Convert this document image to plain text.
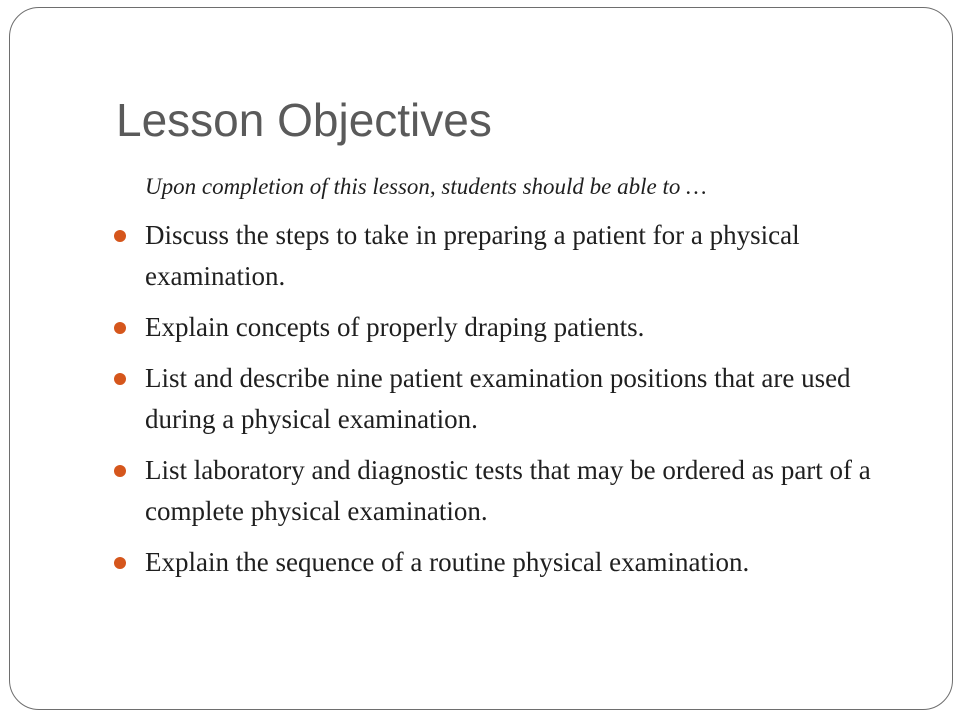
Lesson Objectives
Upon completion of this lesson, students should be able to …
Discuss the steps to take in preparing a patient for a physical examination.
Explain concepts of properly draping patients.
List and describe nine patient examination positions that are used during a physical examination.
List laboratory and diagnostic tests that may be ordered as part of a complete physical examination.
Explain the sequence of a routine physical examination.
